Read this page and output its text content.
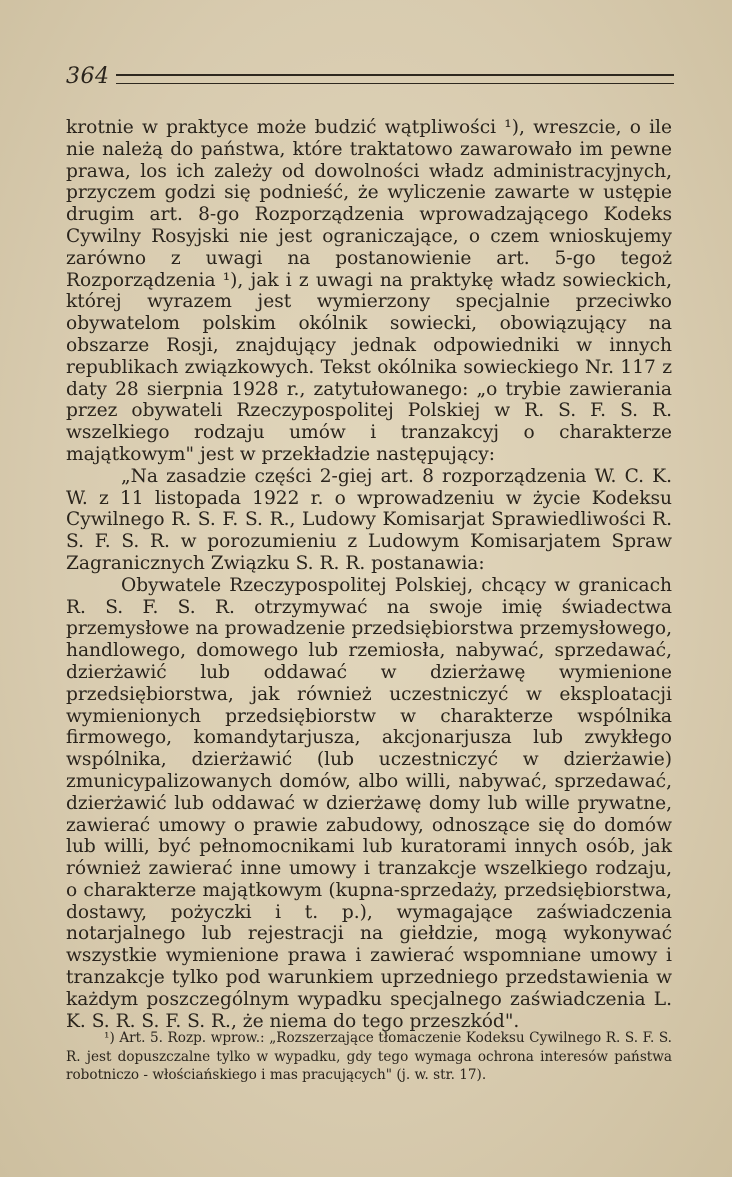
364

krotnie w praktyce może budzić wątpliwości ¹), wreszcie, o ile nie należą do państwa, które traktatowo zawarowało im pewne prawa, los ich zależy od dowolności władz administracyjnych, przyczem godzi się podnieść, że wyliczenie zawarte w ustępie drugim art. 8-go Rozporządzenia wprowadzającego Kodeks Cywilny Rosyjski nie jest ograniczające, o czem wnioskujemy zarówno z uwagi na postanowienie art. 5-go tegoż Rozporządzenia ¹), jak i z uwagi na praktykę władz sowieckich, której wyrazem jest wymierzony specjalnie przeciwko obywatelom polskim okólnik sowiecki, obowiązujący na obszarze Rosji, znajdujący jednak odpowiedniki w innych republikach związkowych. Tekst okólnika sowieckiego Nr. 117 z daty 28 sierpnia 1928 r., zatytułowanego: „o trybie zawierania przez obywateli Rzeczypospolitej Polskiej w R. S. F. S. R. wszelkiego rodzaju umów i tranzakcyj o charakterze majątkowym" jest w przekładzie następujący:

„Na zasadzie części 2-giej art. 8 rozporządzenia W. C. K. W. z 11 listopada 1922 r. o wprowadzeniu w życie Kodeksu Cywilnego R. S. F. S. R., Ludowy Komisarjat Sprawiedliwości R. S. F. S. R. w porozumieniu z Ludowym Komisarjatem Spraw Zagranicznych Związku S. R. R. postanawia:

Obywatele Rzeczypospolitej Polskiej, chcący w granicach R. S. F. S. R. otrzymywać na swoje imię świadectwa przemysłowe na prowadzenie przedsiębiorstwa przemysłowego, handlowego, domowego lub rzemiosła, nabywać, sprzedawać, dzierżawić lub oddawać w dzierżawę wymienione przedsiębiorstwa, jak również uczestniczyć w eksploatacji wymienionych przedsiębiorstw w charakterze wspólnika firmowego, komandytarjusza, akcjonarjusza lub zwykłego wspólnika, dzierżawić (lub uczestniczyć w dzierżawie) zmunicypalizowanych domów, albo willi, nabywać, sprzedawać, dzierżawić lub oddawać w dzierżawę domy lub wille prywatne, zawierać umowy o prawie zabudowy, odnoszące się do domów lub willi, być pełnomocnikami lub kuratorami innych osób, jak również zawierać inne umowy i tranzakcje wszelkiego rodzaju, o charakterze majątkowym (kupna-sprzedaży, przedsiębiorstwa, dostawy, pożyczki i t. p.), wymagające zaświadczenia notarjalnego lub rejestracji na giełdzie, mogą wykonywać wszystkie wymienione prawa i zawierać wspomniane umowy i tranzakcje tylko pod warunkiem uprzedniego przedstawienia w każdym poszczególnym wypadku specjalnego zaświadczenia L. K. S. R. S. F. S. R., że niema do tego przeszkód".

¹) Art. 5. Rozp. wprow.: „Rozszerzające tłomaczenie Kodeksu Cywilnego R. S. F. S. R. jest dopuszczalne tylko w wypadku, gdy tego wymaga ochrona interesów państwa robotniczo - włościańskiego i mas pracujących" (j. w. str. 17).
